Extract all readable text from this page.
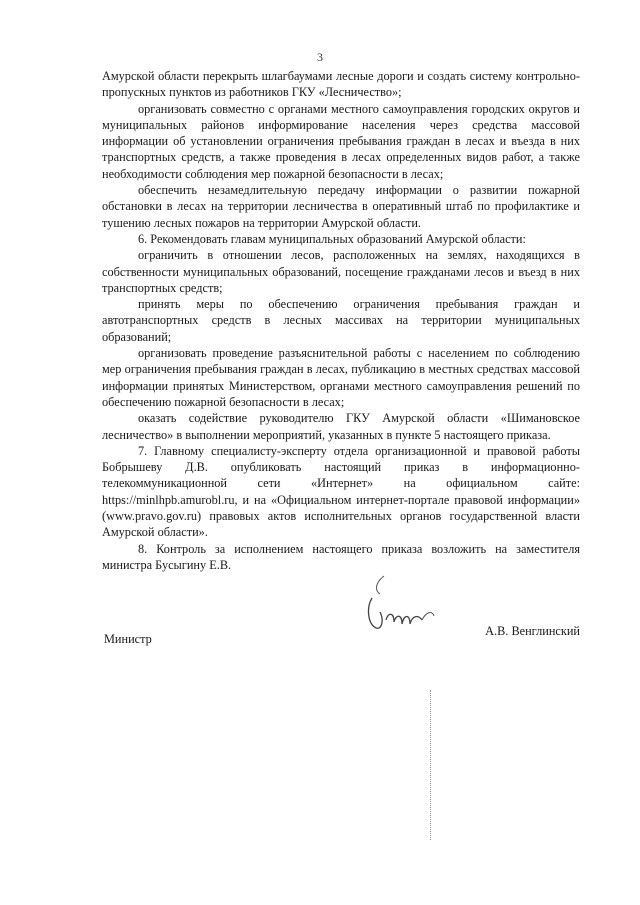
3

Амурской области перекрыть шлагбаумами лесные дороги и создать систему контрольно-пропускных пунктов из работников ГКУ «Лесничество»;

организовать совместно с органами местного самоуправления городских округов и муниципальных районов информирование населения через средства массовой информации об установлении ограничения пребывания граждан в лесах и въезда в них транспортных средств, а также проведения в лесах определенных видов работ, а также необходимости соблюдения мер пожарной безопасности в лесах;

обеспечить незамедлительную передачу информации о развитии пожарной обстановки в лесах на территории лесничества в оперативный штаб по профилактике и тушению лесных пожаров на территории Амурской области.

6. Рекомендовать главам муниципальных образований Амурской области:

ограничить в отношении лесов, расположенных на землях, находящихся в собственности муниципальных образований, посещение гражданами лесов и въезд в них транспортных средств;

принять меры по обеспечению ограничения пребывания граждан и автотранспортных средств в лесных массивах на территории муниципальных образований;

организовать проведение разъяснительной работы с населением по соблюдению мер ограничения пребывания граждан в лесах, публикацию в местных средствах массовой информации принятых Министерством, органами местного самоуправления решений по обеспечению пожарной безопасности в лесах;

оказать содействие руководителю ГКУ Амурской области «Шимановское лесничество» в выполнении мероприятий, указанных в пункте 5 настоящего приказа.

7. Главному специалисту-эксперту отдела организационной и правовой работы Бобрышеву Д.В. опубликовать настоящий приказ в информационно-телекоммуникационной сети «Интернет» на официальном сайте: https://minlhpb.amurobl.ru, и на «Официальном интернет-портале правовой информации» (www.pravo.gov.ru) правовых актов исполнительных органов государственной власти Амурской области».

8. Контроль за исполнением настоящего приказа возложить на заместителя министра Бусыгину Е.В.

Министр
А.В. Венглинский
